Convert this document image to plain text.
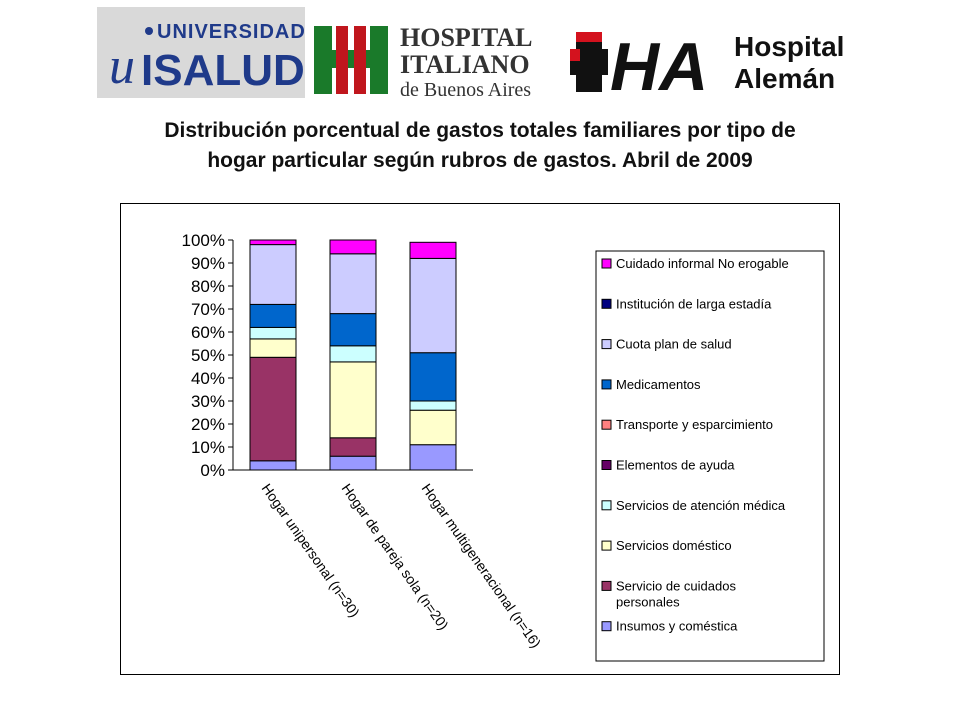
UNIVERSIDAD
u ISALUD
HOSPITAL
ITALIANO
de Buenos Aires HA Hospital
Alemán
Distribución porcentual de gastos totales familiares por tipo de
hogar particular según rubros de gastos. Abril de 2009
0%
10%
20%
30%
40%
50%
60%
70%
80%
90%
100%
Hogar unipersonal (n=30)
Hogar de pareja sola (n=20)
Hogar multigeneracional (n=16)
Cuidado informal No erogable
Institución de larga estadía
Cuota plan de salud
Medicamentos
Transporte y esparcimiento
Elementos de ayuda
Servicios de atención médica
Servicios doméstico
Servicio de cuidados personales
Insumos y coméstica
